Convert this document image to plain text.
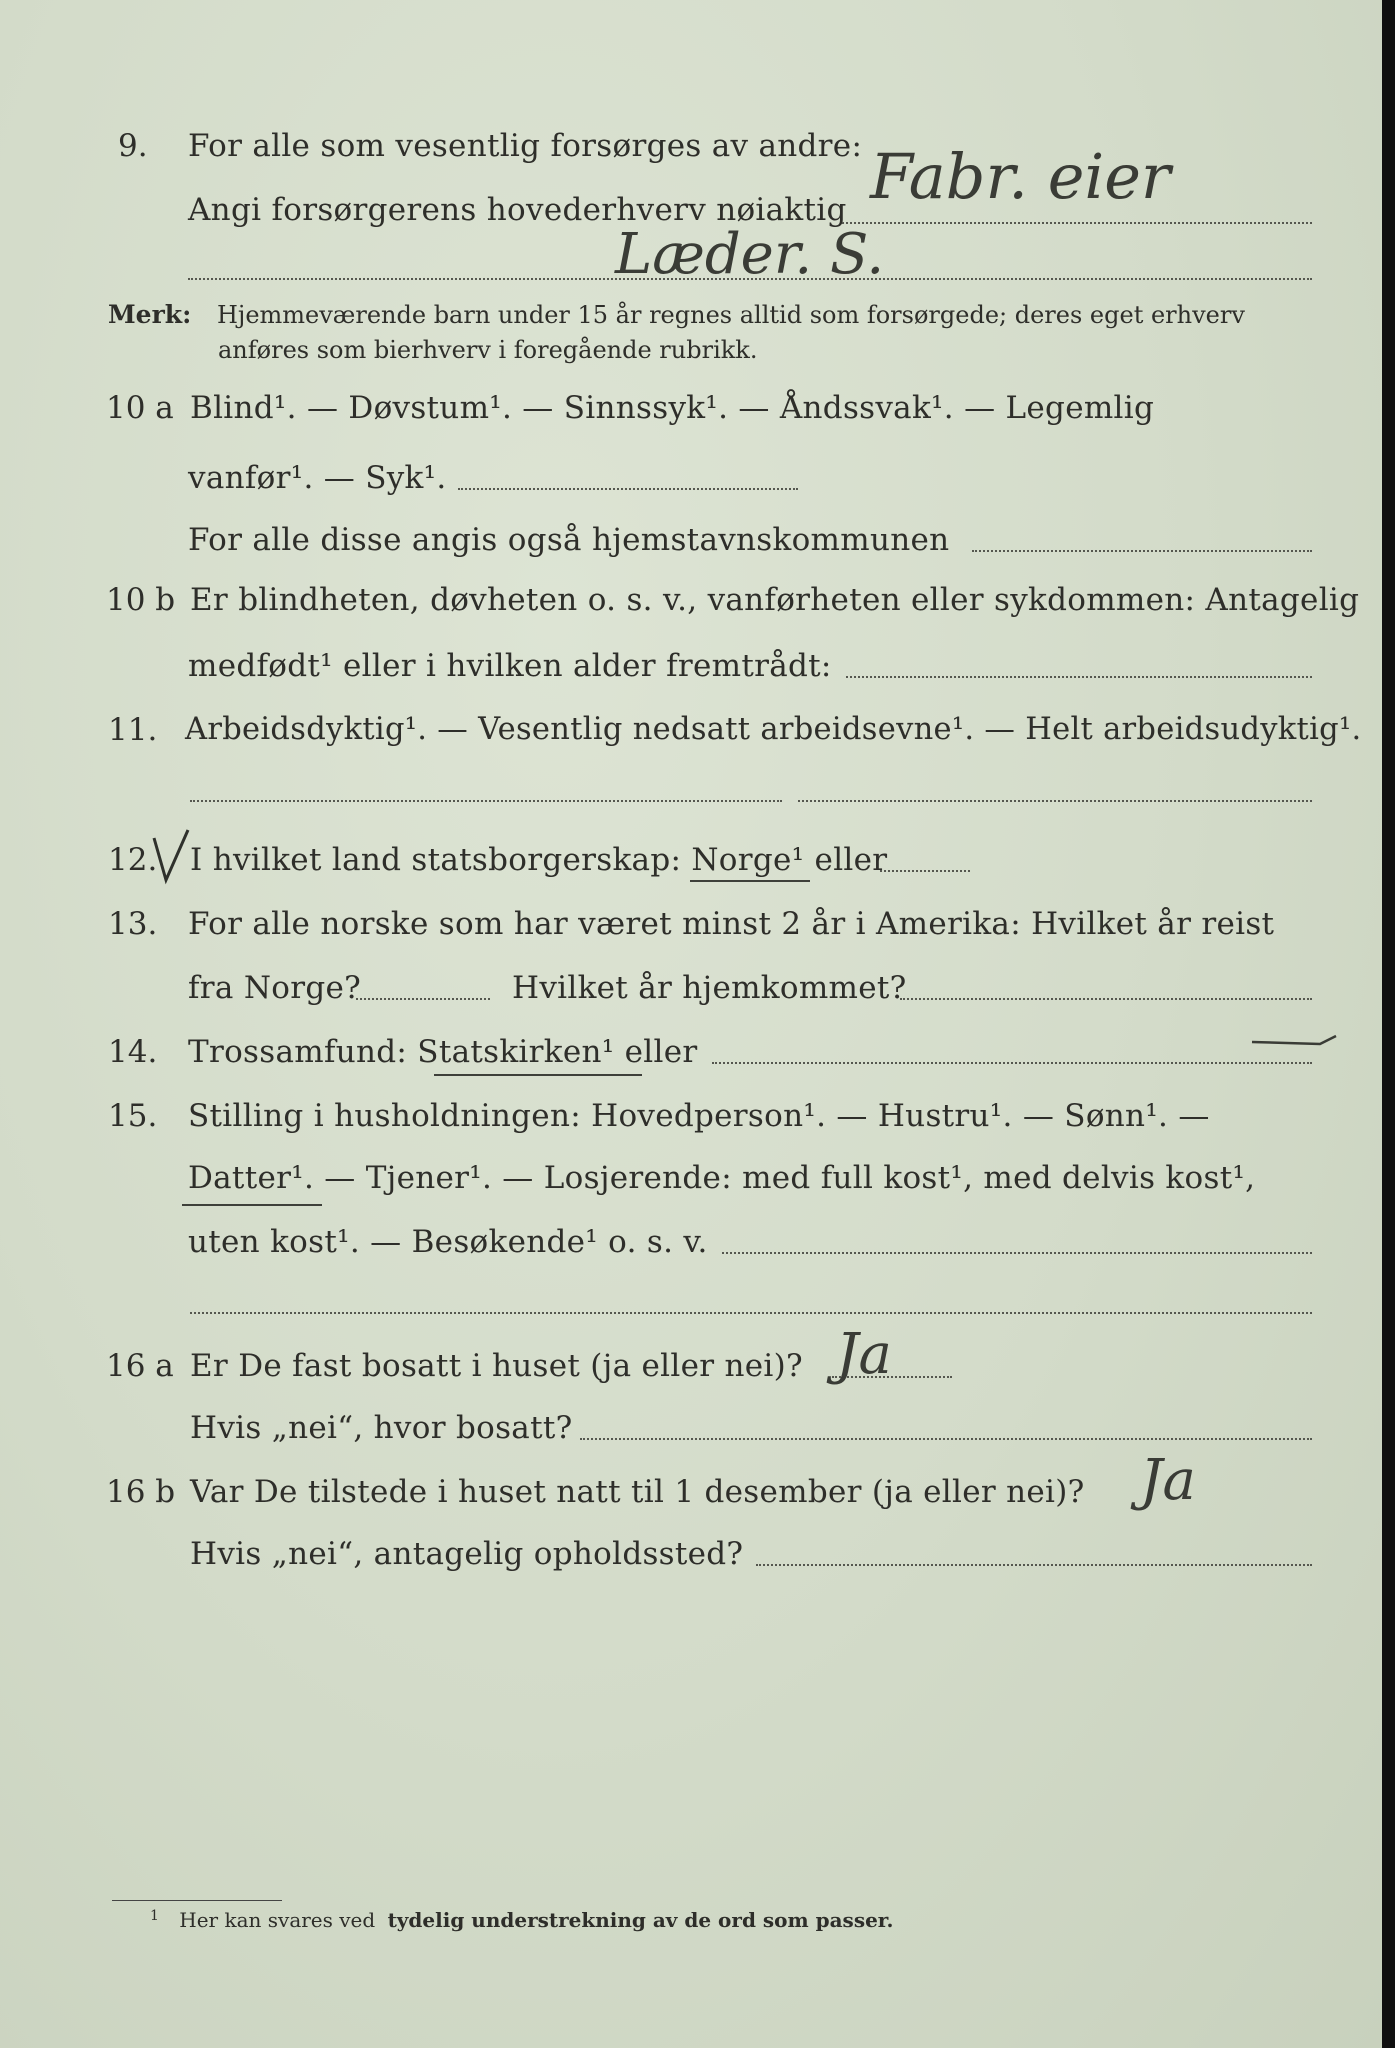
9. For alle som vesentlig forsørges av andre: Fabr. eier
Angi forsørgerens hovederhverv nøiaktig
Læder. S.
Merk: Hjemmeværende barn under 15 år regnes alltid som forsørgede; deres eget erhverv
anføres som bierhverv i foregående rubrikk.
10 a Blind¹. — Døvstum¹. — Sinnssyk¹. — Åndssvak¹. — Legemlig
vanfør¹. — Syk¹.
For alle disse angis også hjemstavnskommunen
10 b Er blindheten, døvheten o. s. v., vanførheten eller sykdommen: Antagelig
medfødt¹ eller i hvilken alder fremtrådt:
11. Arbeidsdyktig¹. — Vesentlig nedsatt arbeidsevne¹. — Helt arbeidsudyktig¹.
12. I hvilket land statsborgerskap: Norge¹ eller
13. For alle norske som har været minst 2 år i Amerika: Hvilket år reist
fra Norge?	Hvilket år hjemkommet?
14. Trossamfund: Statskirken¹ eller
15. Stilling i husholdningen: Hovedperson¹. — Hustru¹. — Sønn¹. —
Datter¹. — Tjener¹. — Losjerende: med full kost¹, med delvis kost¹,
uten kost¹. — Besøkende¹ o. s. v.
16 a Er De fast bosatt i huset (ja eller nei)? Ja
Hvis „nei“, hvor bosatt?
16 b Var De tilstede i huset natt til 1 desember (ja eller nei)? Ja
Hvis „nei“, antagelig opholdssted?
$^1$ Her kan svares ved tydelig understrekning av de ord som passer.
